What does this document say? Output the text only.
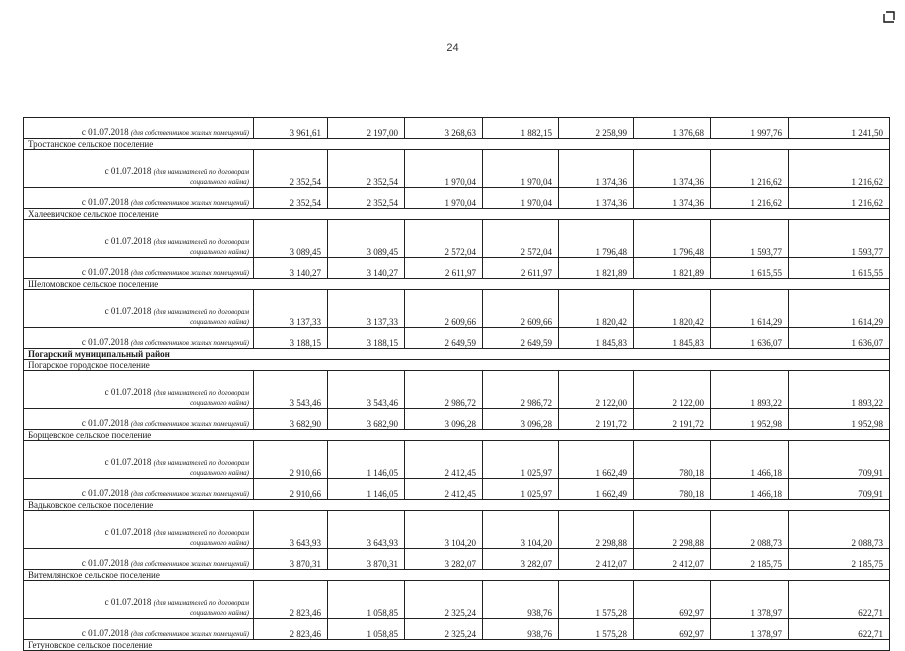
24
с 01.07.2018 (для собственников жилых помещений)	3 961,61	2 197,00	3 268,63	1 882,15	2 258,99	1 376,68	1 997,76	1 241,50
Тростанское сельское поселение								

с 01.07.2018 (для нанимателей по договорам
социального найма)	2 352,54	2 352,54	1 970,04	1 970,04	1 374,36	1 374,36	1 216,62	1 216,62

с 01.07.2018 (для собственников жилых помещений)	2 352,54	2 352,54	1 970,04	1 970,04	1 374,36	1 374,36	1 216,62	1 216,62
Халеевичское сельское поселение								

с 01.07.2018 (для нанимателей по договорам
социального найма)	3 089,45	3 089,45	2 572,04	2 572,04	1 796,48	1 796,48	1 593,77	1 593,77

с 01.07.2018 (для собственников жилых помещений)	3 140,27	3 140,27	2 611,97	2 611,97	1 821,89	1 821,89	1 615,55	1 615,55
Шеломовское сельское поселение								

с 01.07.2018 (для нанимателей по договорам
социального найма)	3 137,33	3 137,33	2 609,66	2 609,66	1 820,42	1 820,42	1 614,29	1 614,29

с 01.07.2018 (для собственников жилых помещений)	3 188,15	3 188,15	2 649,59	2 649,59	1 845,83	1 845,83	1 636,07	1 636,07
Погарский муниципальный район								
Погарское городское поселение								

с 01.07.2018 (для нанимателей по договорам
социального найма)	3 543,46	3 543,46	2 986,72	2 986,72	2 122,00	2 122,00	1 893,22	1 893,22

с 01.07.2018 (для собственников жилых помещений)	3 682,90	3 682,90	3 096,28	3 096,28	2 191,72	2 191,72	1 952,98	1 952,98
Борщевское сельское поселение								

с 01.07.2018 (для нанимателей по договорам
социального найма)	2 910,66	1 146,05	2 412,45	1 025,97	1 662,49	780,18	1 466,18	709,91

с 01.07.2018 (для собственников жилых помещений)	2 910,66	1 146,05	2 412,45	1 025,97	1 662,49	780,18	1 466,18	709,91
Вадьковское сельское поселение								

с 01.07.2018 (для нанимателей по договорам
социального найма)	3 643,93	3 643,93	3 104,20	3 104,20	2 298,88	2 298,88	2 088,73	2 088,73

с 01.07.2018 (для собственников жилых помещений)	3 870,31	3 870,31	3 282,07	3 282,07	2 412,07	2 412,07	2 185,75	2 185,75
Витемлянское сельское поселение								

с 01.07.2018 (для нанимателей по договорам
социального найма)	2 823,46	1 058,85	2 325,24	938,76	1 575,28	692,97	1 378,97	622,71

с 01.07.2018 (для собственников жилых помещений)	2 823,46	1 058,85	2 325,24	938,76	1 575,28	692,97	1 378,97	622,71
Гетуновское сельское поселение								
